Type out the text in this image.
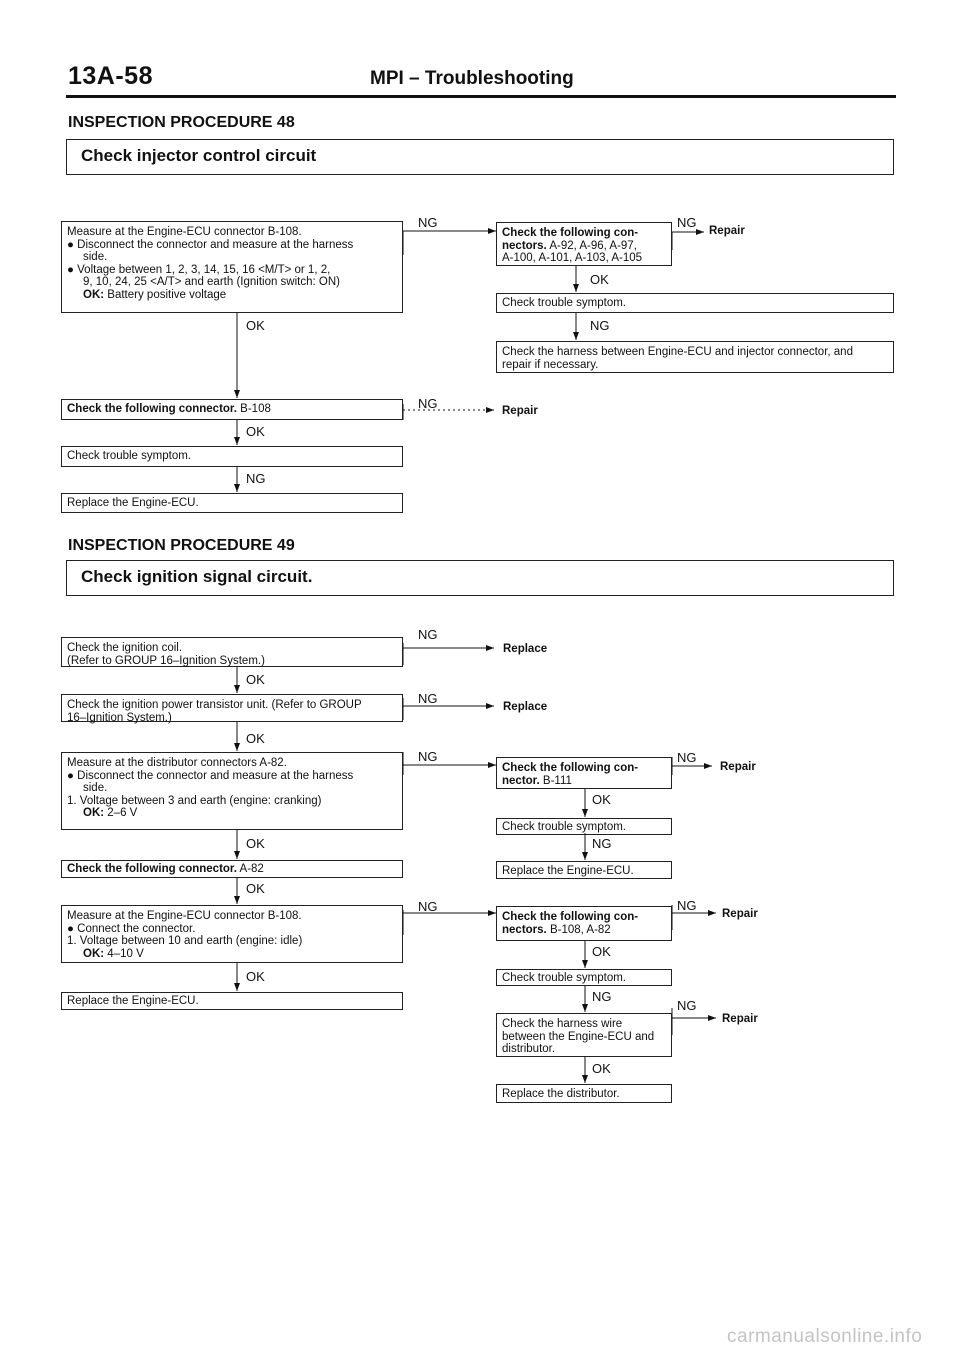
13A-58	MPI – Troubleshooting
INSPECTION PROCEDURE 48
Check injector control circuit

Measure at the Engine-ECU connector B-108.

● Disconnect the connector and measure at the harness

side.

● Voltage between 1, 2, 3, 14, 15, 16 <M/T> or 1, 2,

9, 10, 24, 25 <A/T> and earth (Ignition switch: ON)

OK: Battery positive voltage

Check the following con-

nectors. A-92, A-96, A-97,

A-100, A-101, A-103, A-105

Check trouble symptom.

Check the harness between Engine-ECU and injector connector, and

repair if necessary.

Check the following connector. B-108
Check trouble symptom.
Replace the Engine-ECU.
NG	NG
Repair
OK
NG
OK
NG	Repair
OK
NG
INSPECTION PROCEDURE 49
Check ignition signal circuit.

Check the ignition coil.

(Refer to GROUP 16–Ignition System.)

Check the ignition power transistor unit. (Refer to GROUP

16–Ignition System.)

Measure at the distributor connectors A-82.

● Disconnect the connector and measure at the harness

side.

1. Voltage between 3 and earth (engine: cranking)

OK: 2–6 V

Check the following con-

nector. B-111

Check trouble symptom.
Replace the Engine-ECU.
Check the following connector. A-82

Measure at the Engine-ECU connector B-108.

● Connect the connector.

1. Voltage between 10 and earth (engine: idle)

OK: 4–10 V

Check the following con-

nectors. B-108, A-82

Check trouble symptom.
Replace the Engine-ECU.

Check the harness wire

between the Engine-ECU and

distributor.

Replace the distributor.
NG
Replace
OK
NG
Replace
OK
NG	NG
Repair
OK
NG
OK
OK
NG	NG
Repair
OK
OK
NG
NG
Repair
OK
carmanualsonline.info
